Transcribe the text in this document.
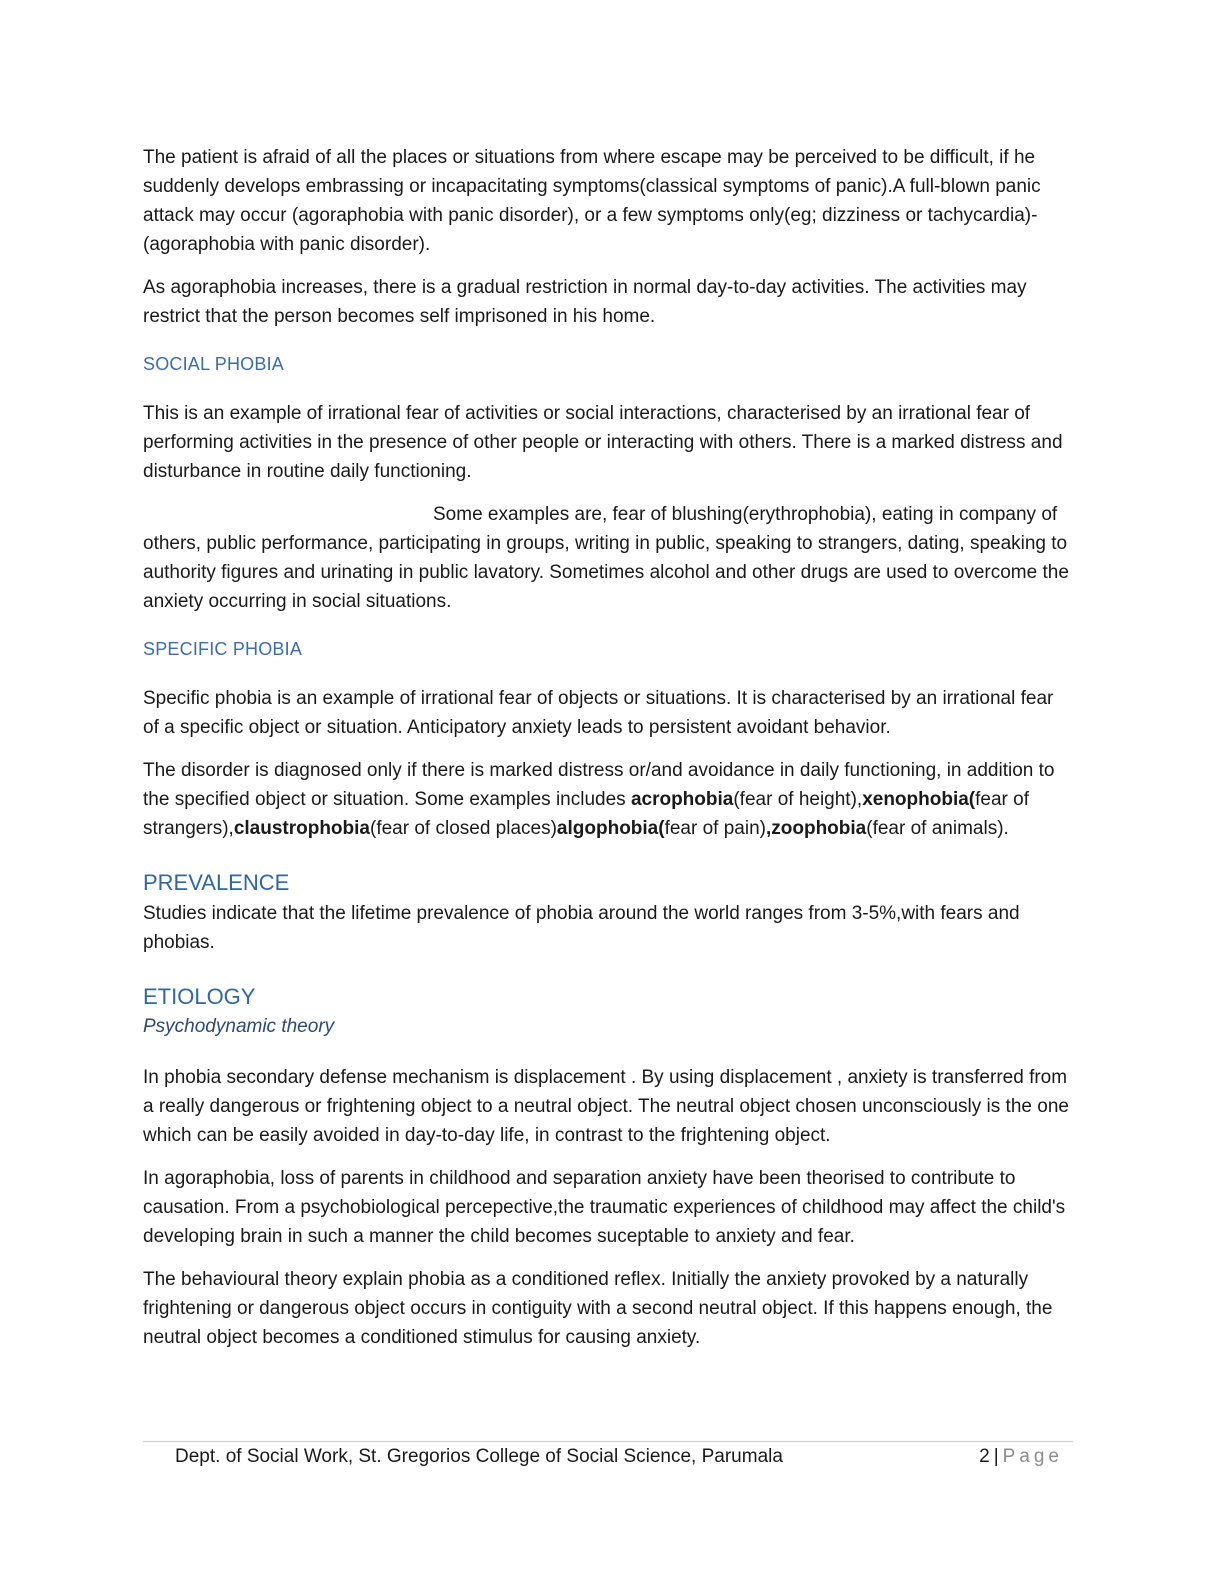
The patient is afraid of all the places or situations from where escape may be perceived to be difficult, if he suddenly develops embrassing or incapacitating symptoms(classical symptoms of panic).A full-blown panic attack may occur (agoraphobia with panic disorder), or a few symptoms only(eg; dizziness or tachycardia)-(agoraphobia with panic disorder).

As agoraphobia increases, there is a gradual restriction in normal day-to-day activities. The activities may restrict that the person becomes self imprisoned in his home.

SOCIAL PHOBIA

This is an example of irrational fear of activities or social interactions, characterised by an irrational fear of performing activities in the presence of other people or interacting with others. There is a marked distress and disturbance in routine daily functioning.

Some examples are, fear of blushing(erythrophobia), eating in company of others, public performance, participating in groups, writing in public, speaking to strangers, dating, speaking to authority figures and urinating in public lavatory. Sometimes alcohol and other drugs are used to overcome the anxiety occurring in social situations.

SPECIFIC PHOBIA

Specific phobia is an example of irrational fear of objects or situations. It is characterised by an irrational fear of a specific object or situation. Anticipatory anxiety leads to persistent avoidant behavior.

The disorder is diagnosed only if there is marked distress or/and avoidance in daily functioning, in addition to the specified object or situation. Some examples includes acrophobia(fear of height),xenophobia(fear of strangers),claustrophobia(fear of closed places)algophobia(fear of pain),zoophobia(fear of animals).

PREVALENCE

Studies indicate that the lifetime prevalence of phobia around the world ranges from 3-5%,with fears and phobias.

ETIOLOGY
Psychodynamic theory

In phobia secondary defense mechanism is displacement . By using displacement , anxiety is transferred from a really dangerous or frightening object to a neutral object. The neutral object chosen unconsciously is the one which can be easily avoided in day-to-day life, in contrast to the frightening object.

In agoraphobia, loss of parents in childhood and separation anxiety have been theorised to contribute to causation. From a psychobiological percepective,the traumatic experiences of childhood may affect the child's developing brain in such a manner the child becomes suceptable to anxiety and fear.

The behavioural theory explain phobia as a conditioned reflex. Initially the anxiety provoked by a naturally frightening or dangerous object occurs in contiguity with a second neutral object. If this happens enough, the neutral object becomes a conditioned stimulus for causing anxiety.

Dept. of Social Work, St. Gregorios College of Social Science, Parumala	2 | Page
